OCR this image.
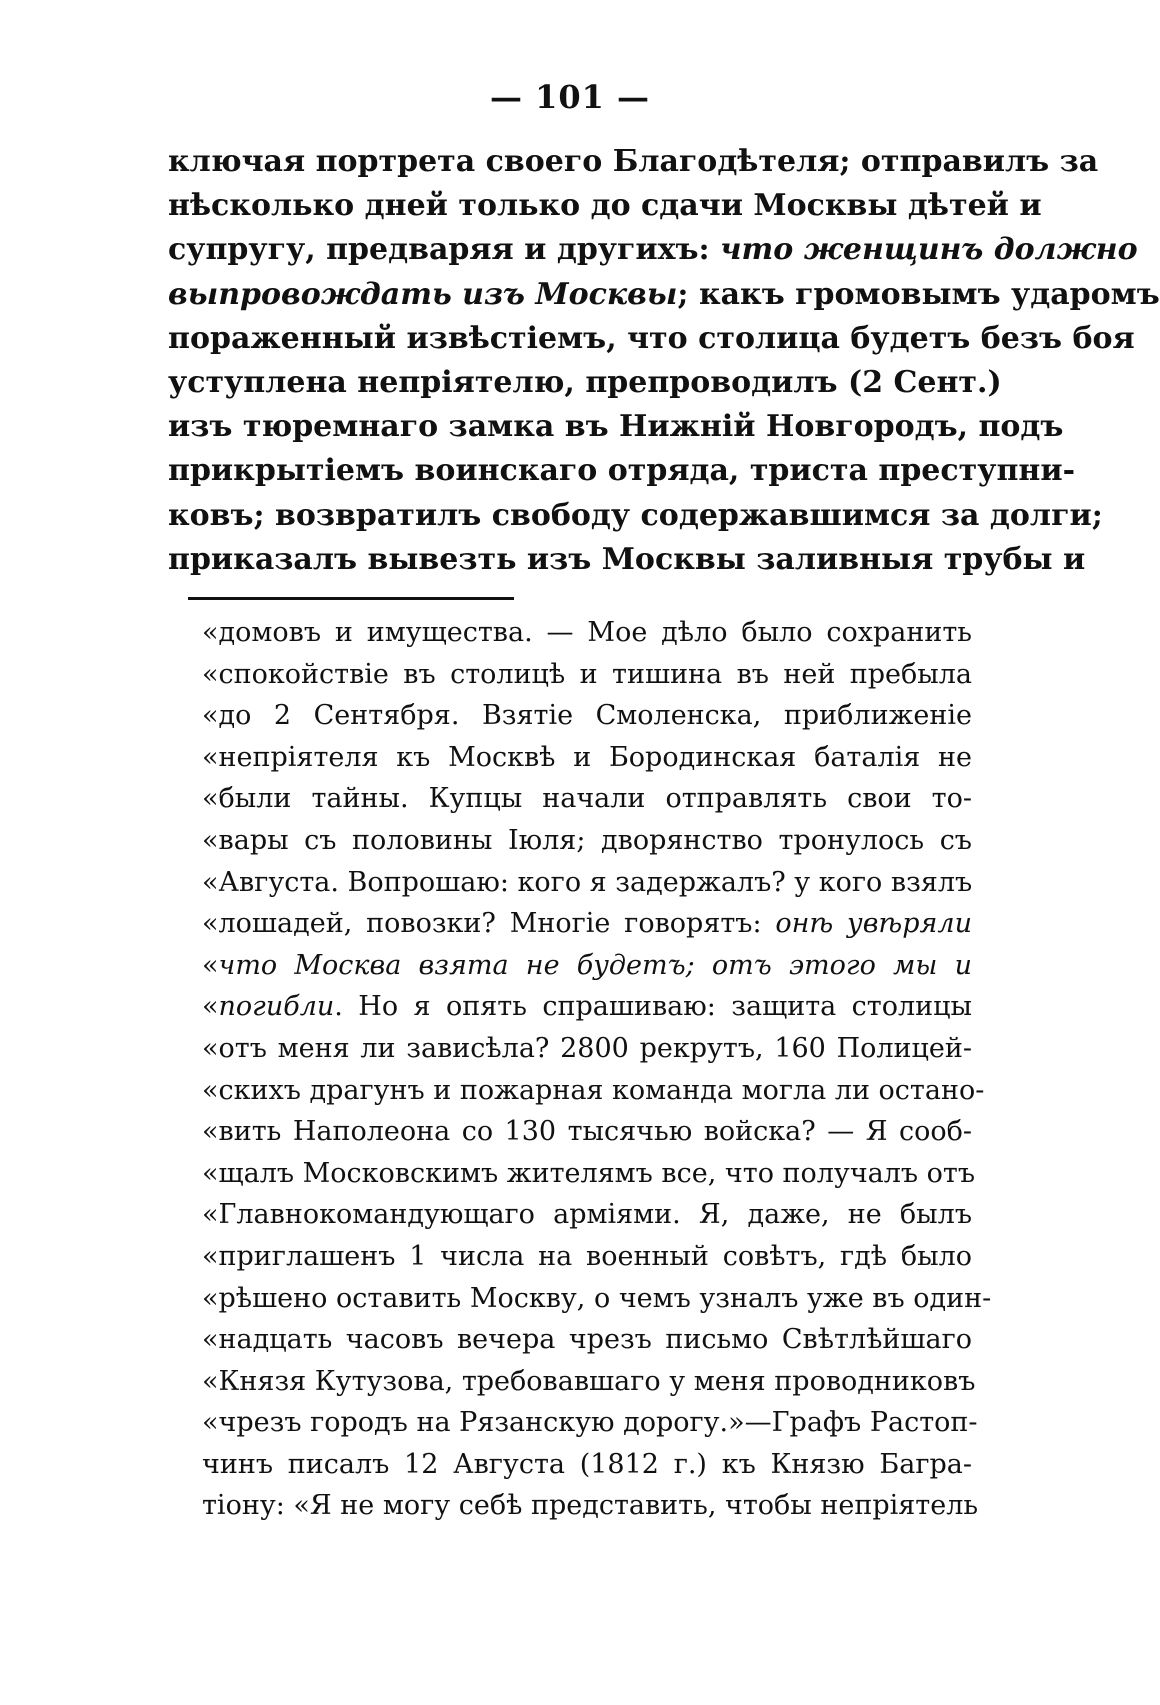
— 101 —
ключая портрета своего Благодѣтеля; отправилъ за
нѣсколько дней только до сдачи Москвы дѣтей и
супругу, предваряя и другихъ: что женщинъ должно
выпровождать изъ Москвы; какъ громовымъ ударомъ
пораженный извѣстіемъ, что столица будетъ безъ боя
уступлена непріятелю, препроводилъ (2 Сент.)
изъ тюремнаго замка въ Нижній Новгородъ, подъ
прикрытіемъ воинскаго отряда, триста преступни-
ковъ; возвратилъ свободу содержавшимся за долги;
приказалъ вывезть изъ Москвы заливныя трубы и
«домовъ и имущества. — Мое дѣло было сохранить
«спокойствіе въ столицѣ и тишина въ ней пребыла
«до 2 Сентября. Взятіе Смоленска, приближеніе
«непріятеля къ Москвѣ и Бородинская баталія не
«были тайны. Купцы начали отправлять свои то-
«вары съ половины Іюля; дворянство тронулось съ
«Августа. Вопрошаю: кого я задержалъ? у кого взялъ
«лошадей, повозки? Многіе говорятъ: онѣ увѣряли
«что Москва взята не будетъ; отъ этого мы и
«погибли. Но я опять спрашиваю: защита столицы
«отъ меня ли зависѣла? 2800 рекрутъ, 160 Полицей-
«скихъ драгунъ и пожарная команда могла ли остано-
«вить Наполеона со 130 тысячью войска? — Я сооб-
«щалъ Московскимъ жителямъ все, что получалъ отъ
«Главнокомандующаго арміями. Я, даже, не былъ
«приглашенъ 1 числа на военный совѣтъ, гдѣ было
«рѣшено оставить Москву, о чемъ узналъ уже въ один-
«надцать часовъ вечера чрезъ письмо Свѣтлѣйшаго
«Князя Кутузова, требовавшаго у меня проводниковъ
«чрезъ городъ на Рязанскую дорогу.»—Графъ Растоп-
чинъ писалъ 12 Августа (1812 г.) къ Князю Багра-
тіону: «Я не могу себѣ представить, чтобы непріятель
